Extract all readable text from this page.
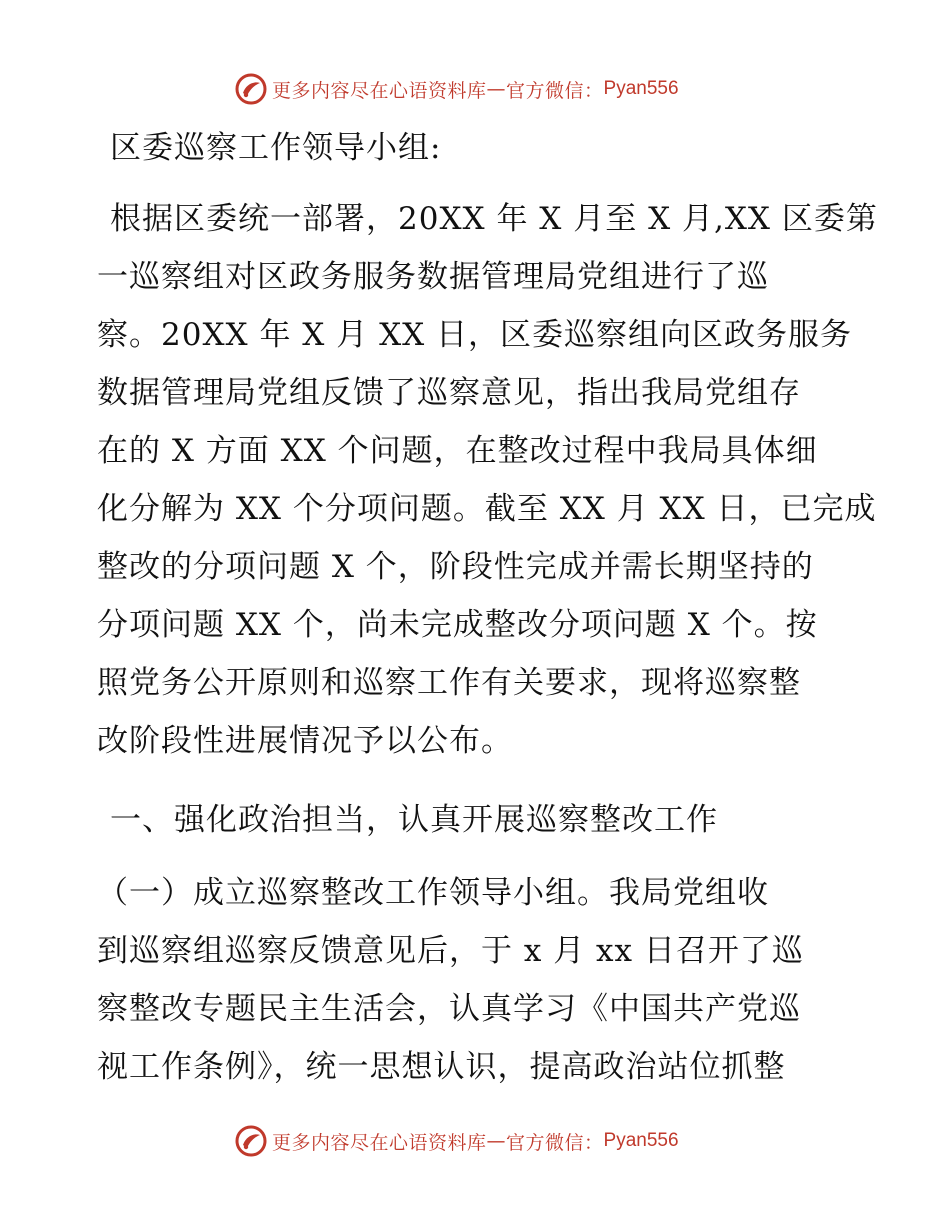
更多内容尽在心语资料库 — 官方微信： Pyan556
区委巡察工作领导小组:
根据区委统一部署，20XX 年 X 月至 X 月,XX 区委第
一巡察组对区政务服务数据管理局党组进行了巡
察。20XX 年 X 月 XX 日，区委巡察组向区政务服务
数据管理局党组反馈了巡察意见，指出我局党组存
在的 X 方面 XX 个问题，在整改过程中我局具体细
化分解为 XX 个分项问题。截至 XX 月 XX 日，已完成
整改的分项问题 X 个，阶段性完成并需长期坚持的
分项问题 XX 个，尚未完成整改分项问题 X 个。按
照党务公开原则和巡察工作有关要求，现将巡察整
改阶段性进展情况予以公布。
一、强化政治担当，认真开展巡察整改工作
（一）成立巡察整改工作领导小组。我局党组收
到巡察组巡察反馈意见后，于 x 月 xx 日召开了巡
察整改专题民主生活会，认真学习《中国共产党巡
视工作条例》，统一思想认识，提高政治站位抓整
更多内容尽在心语资料库 — 官方微信： Pyan556
